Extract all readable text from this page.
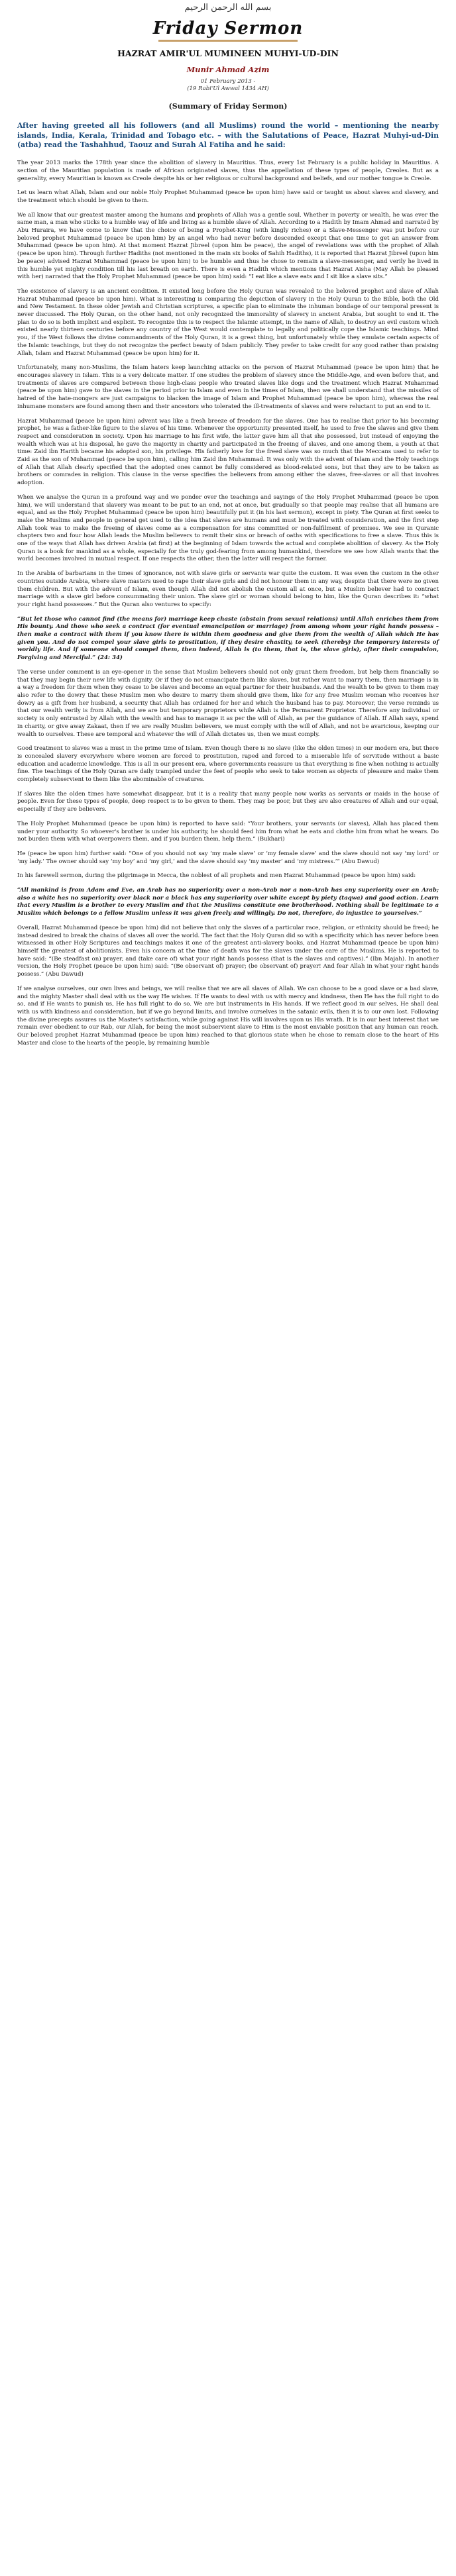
بسم الله الرحمن الرحيم
Friday Sermon
HAZRAT AMIR'UL MUMINEEN MUHYI-UD-DIN
Munir Ahmad Azim
01 February 2013 -
(19 Rabi'Ul Awwal 1434 AH)
(Summary of Friday Sermon)
After having greeted all his followers (and all Muslims) round the world – mentioning the nearby islands, India, Kerala, Trinidad and Tobago etc. – with the Salutations of Peace, Hazrat Muhyi-ud-Din (atba) read the Tashahhud, Taouz and Surah Al Fatiha and he said:

The year 2013 marks the 178th year since the abolition of slavery in Mauritius. Thus, every 1st February is a public holiday in Mauritius. A section of the Mauritian population is made of African originated slaves, thus the appellation of these types of people, Creoles. But as a generality, every Mauritian is known as Creole despite his or her religious or cultural background and beliefs, and our mother tongue is Creole.

Let us learn what Allah, Islam and our noble Holy Prophet Muhammad (peace be upon him) have said or taught us about slaves and slavery, and the treatment which should be given to them.

We all know that our greatest master among the humans and prophets of Allah was a gentle soul. Whether in poverty or wealth, he was ever the same man, a man who sticks to a humble way of life and living as a humble slave of Allah. According to a Hadith by Imam Ahmad and narrated by Abu Huraira, we have come to know that the choice of being a Prophet-King (with kingly riches) or a Slave-Messenger was put before our beloved prophet Muhammad (peace be upon him) by an angel who had never before descended except that one time to get an answer from Muhammad (peace be upon him). At that moment Hazrat Jibreel (upon him be peace), the angel of revelations was with the prophet of Allah (peace be upon him). Through further Hadiths (not mentioned in the main six books of Sahih Hadiths), it is reported that Hazrat Jibreel (upon him be peace) advised Hazrat Muhammad (peace be upon him) to be humble and thus he chose to remain a slave-messenger, and verily he lived in this humble yet mighty condition till his last breath on earth. There is even a Hadith which mentions that Hazrat Aisha (May Allah be pleased with her) narrated that the Holy Prophet Muhammad (peace be upon him) said: “I eat like a slave eats and I sit like a slave sits.”

The existence of slavery is an ancient condition. It existed long before the Holy Quran was revealed to the beloved prophet and slave of Allah Hazrat Muhammad (peace be upon him). What is interesting is comparing the depiction of slavery in the Holy Quran to the Bible, both the Old and New Testament. In these older Jewish and Christian scriptures, a specific plan to eliminate the inhuman bondage of our temporal present is never discussed. The Holy Quran, on the other hand, not only recognized the immorality of slavery in ancient Arabia, but sought to end it. The plan to do so is both implicit and explicit. To recognize this is to respect the Islamic attempt, in the name of Allah, to destroy an evil custom which existed nearly thirteen centuries before any country of the West would contemplate to legally and politically cope the Islamic teachings. Mind you, if the West follows the divine commandments of the Holy Quran, it is a great thing, but unfortunately while they emulate certain aspects of the Islamic teachings, but they do not recognize the perfect beauty of Islam publicly. They prefer to take credit for any good rather than praising Allah, Islam and Hazrat Muhammad (peace be upon him) for it.

Unfortunately, many non-Muslims, the Islam haters keep launching attacks on the person of Hazrat Muhammad (peace be upon him) that he encourages slavery in Islam. This is a very delicate matter. If one studies the problem of slavery since the Middle-Age, and even before that, and treatments of slaves are compared between those high-class people who treated slaves like dogs and the treatment which Hazrat Muhammad (peace be upon him) gave to the slaves in the period prior to Islam and even in the times of Islam, then we shall understand that the missiles of hatred of the hate-mongers are just campaigns to blacken the image of Islam and Prophet Muhammad (peace be upon him), whereas the real inhumane monsters are found among them and their ancestors who tolerated the ill-treatments of slaves and were reluctant to put an end to it.

Hazrat Muhammad (peace be upon him) advent was like a fresh breeze of freedom for the slaves. One has to realise that prior to his becoming prophet, he was a father-like figure to the slaves of his time. Whenever the opportunity presented itself, he used to free the slaves and give them respect and consideration in society. Upon his marriage to his first wife, the latter gave him all that she possessed, but instead of enjoying the wealth which was at his disposal, he gave the majority in charity and participated in the freeing of slaves, and one among them, a youth at that time: Zaid ibn Harith became his adopted son, his privilege. His fatherly love for the freed slave was so much that the Meccans used to refer to Zaid as the son of Muhammad (peace be upon him), calling him Zaid ibn Muhammad. It was only with the advent of Islam and the Holy teachings of Allah that Allah clearly specified that the adopted ones cannot be fully considered as blood-related sons, but that they are to be taken as brothers or comrades in religion. This clause in the verse specifies the believers from among either the slaves, free-slaves or all that involves adoption.

When we analyse the Quran in a profound way and we ponder over the teachings and sayings of the Holy Prophet Muhammad (peace be upon him), we will understand that slavery was meant to be put to an end, not at once, but gradually so that people may realise that all humans are equal, and as the Holy Prophet Muhammad (peace be upon him) beautifully put it (in his last sermon), except in piety. The Quran at first seeks to make the Muslims and people in general get used to the idea that slaves are humans and must be treated with consideration, and the first step Allah took was to make the freeing of slaves come as a compensation for sins committed or non-fulfilment of promises. We see in Quranic chapters two and four how Allah leads the Muslim believers to remit their sins or breach of oaths with specifications to free a slave. Thus this is one of the ways that Allah has driven Arabia (at first) at the beginning of Islam towards the actual and complete abolition of slavery. As the Holy Quran is a book for mankind as a whole, especially for the truly god-fearing from among humankind, therefore we see how Allah wants that the world becomes involved in mutual respect. If one respects the other, then the latter will respect the former.

In the Arabia of barbarians in the times of ignorance, not with slave girls or servants war quite the custom. It was even the custom in the other countries outside Arabia, where slave masters used to rape their slave girls and did not honour them in any way, despite that there were no given them children. But with the advent of Islam, even though Allah did not abolish the custom all at once, but a Muslim believer had to contract marriage with a slave girl before consummating their union. The slave girl or woman should belong to him, like the Quran describes it: “what your right hand possesses.” But the Quran also ventures to specify:

“But let those who cannot find (the means for) marriage keep chaste (abstain from sexual relations) until Allah enriches them from His bounty. And those who seek a contract (for eventual emancipation or marriage) from among whom your right hands possess – then make a contract with them if you know there is within them goodness and give them from the wealth of Allah which He has given you. And do not compel your slave girls to prostitution, if they desire chastity, to seek (thereby) the temporary interests of worldly life. And if someone should compel them, then indeed, Allah is (to them, that is, the slave girls), after their compulsion, Forgiving and Merciful.” (24: 34)

The verse under comment is an eye-opener in the sense that Muslim believers should not only grant them freedom, but help them financially so that they may begin their new life with dignity. Or if they do not emancipate them like slaves, but rather want to marry them, then marriage is in a way a freedom for them when they cease to be slaves and become an equal partner for their husbands. And the wealth to be given to them may also refer to the dowry that these Muslim men who desire to marry them should give them, like for any free Muslim woman who receives her dowry as a gift from her husband, a security that Allah has ordained for her and which the husband has to pay. Moreover, the verse reminds us that our wealth verily is from Allah, and we are but temporary proprietors while Allah is the Permanent Proprietor. Therefore any individual or society is only entrusted by Allah with the wealth and has to manage it as per the will of Allah, as per the guidance of Allah. If Allah says, spend in charity, or give away Zakaat, then if we are really Muslim believers, we must comply with the will of Allah, and not be avaricious, keeping our wealth to ourselves. These are temporal and whatever the will of Allah dictates us, then we must comply.

Good treatment to slaves was a must in the prime time of Islam. Even though there is no slave (like the olden times) in our modern era, but there is concealed slavery everywhere where women are forced to prostitution, raped and forced to a miserable life of servitude without a basic education and academic knowledge. This is all in our present era, where governments reassure us that everything is fine when nothing is actually fine. The teachings of the Holy Quran are daily trampled under the feet of people who seek to take women as objects of pleasure and make them completely subservient to them like the abominable of creatures.

If slaves like the olden times have somewhat disappear, but it is a reality that many people now works as servants or maids in the house of people. Even for these types of people, deep respect is to be given to them. They may be poor, but they are also creatures of Allah and our equal, especially if they are believers.

The Holy Prophet Muhammad (peace be upon him) is reported to have said: “Your brothers, your servants (or slaves), Allah has placed them under your authority. So whoever's brother is under his authority, he should feed him from what he eats and clothe him from what he wears. Do not burden them with what overpowers them, and if you burden them, help them.” (Bukhari)

He (peace be upon him) further said: “One of you should not say ‘my male slave’ or ‘my female slave’ and the slave should not say ‘my lord’ or ‘my lady.’ The owner should say ‘my boy’ and ‘my girl,’ and the slave should say ‘my master’ and ‘my mistress.’” (Abu Dawud)

In his farewell sermon, during the pilgrimage in Mecca, the noblest of all prophets and men Hazrat Muhammad (peace be upon him) said:

“All mankind is from Adam and Eve, an Arab has no superiority over a non-Arab nor a non-Arab has any superiority over an Arab; also a white has no superiority over black nor a black has any superiority over white except by piety (taqwa) and good action. Learn that every Muslim is a brother to every Muslim and that the Muslims constitute one brotherhood. Nothing shall be legitimate to a Muslim which belongs to a fellow Muslim unless it was given freely and willingly. Do not, therefore, do injustice to yourselves.”

Overall, Hazrat Muhammad (peace be upon him) did not believe that only the slaves of a particular race, religion, or ethnicity should be freed; he instead desired to break the chains of slaves all over the world. The fact that the Holy Quran did so with a specificity which has never before been witnessed in other Holy Scriptures and teachings makes it one of the greatest anti-slavery books, and Hazrat Muhammad (peace be upon him) himself the greatest of abolitionists. Even his concern at the time of death was for the slaves under the care of the Muslims. He is reported to have said: “(Be steadfast on) prayer, and (take care of) what your right hands possess (that is the slaves and captives).” (Ibn Majah). In another version, the Holy Prophet (peace be upon him) said: “(Be observant of) prayer; (be observant of) prayer! And fear Allah in what your right hands possess.” (Abu Dawud)

If we analyse ourselves, our own lives and beings, we will realise that we are all slaves of Allah. We can choose to be a good slave or a bad slave, and the mighty Master shall deal with us the way He wishes. If He wants to deal with us with mercy and kindness, then He has the full right to do so, and if He wants to punish us, He has full right to do so. We are but instruments in His hands. If we reflect good in our selves, He shall deal with us with kindness and consideration, but if we go beyond limits, and involve ourselves in the satanic evils, then it is to our own lost. Following the divine precepts assures us the Master's satisfaction, while going against His will involves upon us His wrath. It is in our best interest that we remain ever obedient to our Rab, our Allah, for being the most subservient slave to Him is the most enviable position that any human can reach. Our beloved prophet Hazrat Muhammad (peace be upon him) reached to that glorious state when he chose to remain close to the heart of His Master and close to the hearts of the people, by remaining humble
